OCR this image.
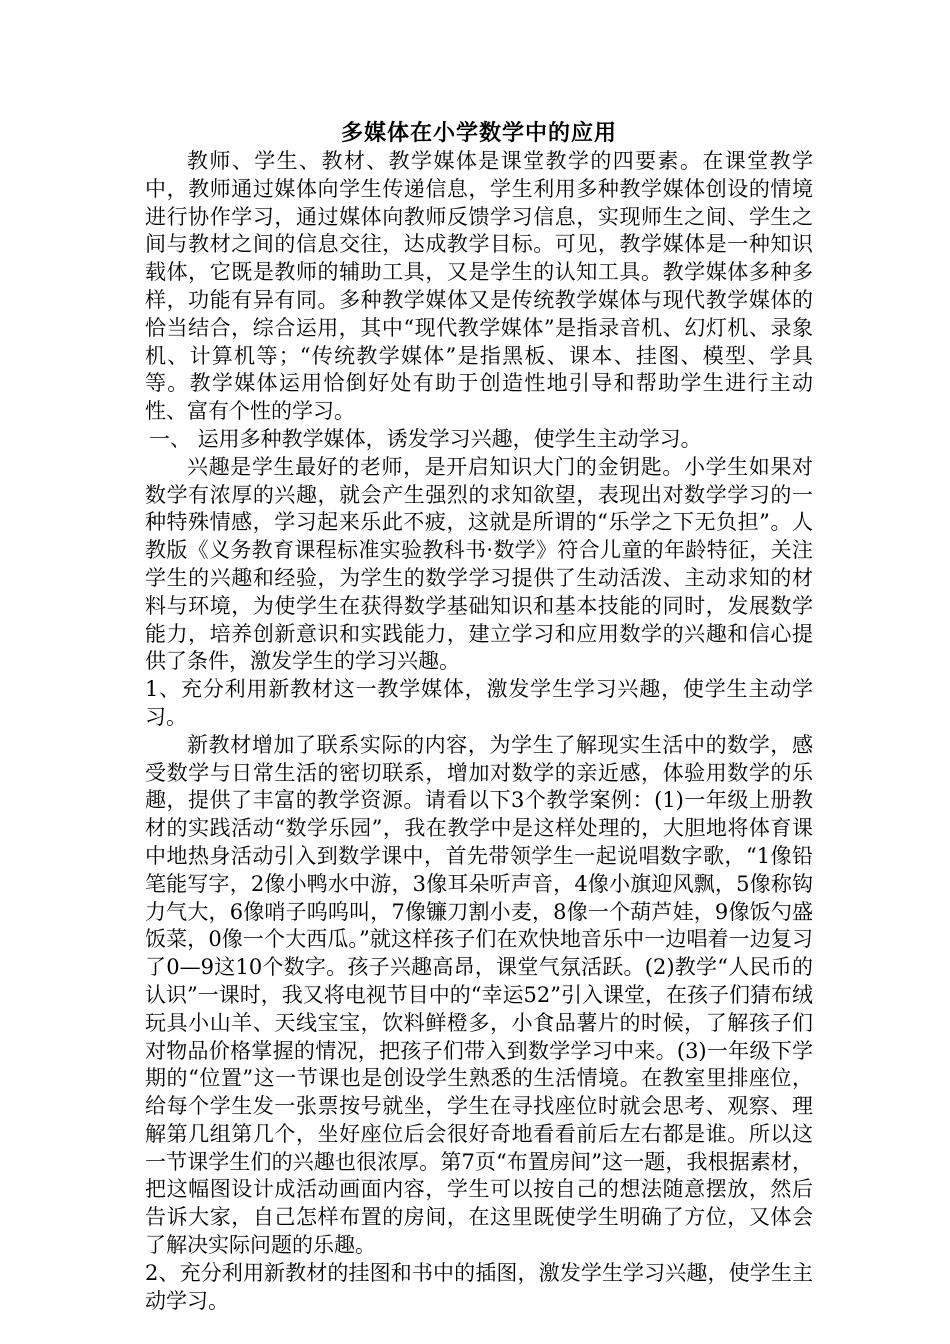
多媒体在小学数学中的应用

教师、学生、教材、教学媒体是课堂教学的四要素。在课堂教学中，教师通过媒体向学生传递信息，学生利用多种教学媒体创设的情境进行协作学习，通过媒体向教师反馈学习信息，实现师生之间、学生之间与教材之间的信息交往，达成教学目标。可见，教学媒体是一种知识载体，它既是教师的辅助工具，又是学生的认知工具。教学媒体多种多样，功能有异有同。多种教学媒体又是传统教学媒体与现代教学媒体的恰当结合，综合运用，其中“现代教学媒体”是指录音机、幻灯机、录象机、计算机等；“传统教学媒体”是指黑板、课本、挂图、模型、学具等。教学媒体运用恰倒好处有助于创造性地引导和帮助学生进行主动性、富有个性的学习。

一、 运用多种教学媒体，诱发学习兴趣，使学生主动学习。

兴趣是学生最好的老师，是开启知识大门的金钥匙。小学生如果对数学有浓厚的兴趣，就会产生强烈的求知欲望，表现出对数学学习的一种特殊情感，学习起来乐此不疲，这就是所谓的“乐学之下无负担”。人教版《义务教育课程标准实验教科书·数学》符合儿童的年龄特征，关注学生的兴趣和经验，为学生的数学学习提供了生动活泼、主动求知的材料与环境，为使学生在获得数学基础知识和基本技能的同时，发展数学能力，培养创新意识和实践能力，建立学习和应用数学的兴趣和信心提供了条件，激发学生的学习兴趣。

1、充分利用新教材这一教学媒体，激发学生学习兴趣，使学生主动学习。

新教材增加了联系实际的内容，为学生了解现实生活中的数学，感受数学与日常生活的密切联系，增加对数学的亲近感，体验用数学的乐趣，提供了丰富的教学资源。请看以下3个教学案例：(1)一年级上册教材的实践活动“数学乐园”，我在教学中是这样处理的，大胆地将体育课中地热身活动引入到数学课中，首先带领学生一起说唱数字歌，“1像铅笔能写字，2像小鸭水中游，3像耳朵听声音，4像小旗迎风飘，5像称钩力气大，6像哨子呜呜叫，7像镰刀割小麦，8像一个葫芦娃，9像饭勺盛饭菜，0像一个大西瓜。”就这样孩子们在欢快地音乐中一边唱着一边复习了0—9这10个数字。孩子兴趣高昂，课堂气氛活跃。(2)教学“人民币的认识”一课时，我又将电视节目中的“幸运52”引入课堂，在孩子们猜布绒玩具小山羊、天线宝宝，饮料鲜橙多，小食品薯片的时候，了解孩子们对物品价格掌握的情况，把孩子们带入到数学学习中来。(3)一年级下学期的“位置”这一节课也是创设学生熟悉的生活情境。在教室里排座位，给每个学生发一张票按号就坐，学生在寻找座位时就会思考、观察、理解第几组第几个，坐好座位后会很好奇地看看前后左右都是谁。所以这一节课学生们的兴趣也很浓厚。第7页“布置房间”这一题，我根据素材，把这幅图设计成活动画面内容，学生可以按自己的想法随意摆放，然后告诉大家，自己怎样布置的房间，在这里既使学生明确了方位，又体会了解决实际问题的乐趣。

2、充分利用新教材的挂图和书中的插图，激发学生学习兴趣，使学生主动学习。
